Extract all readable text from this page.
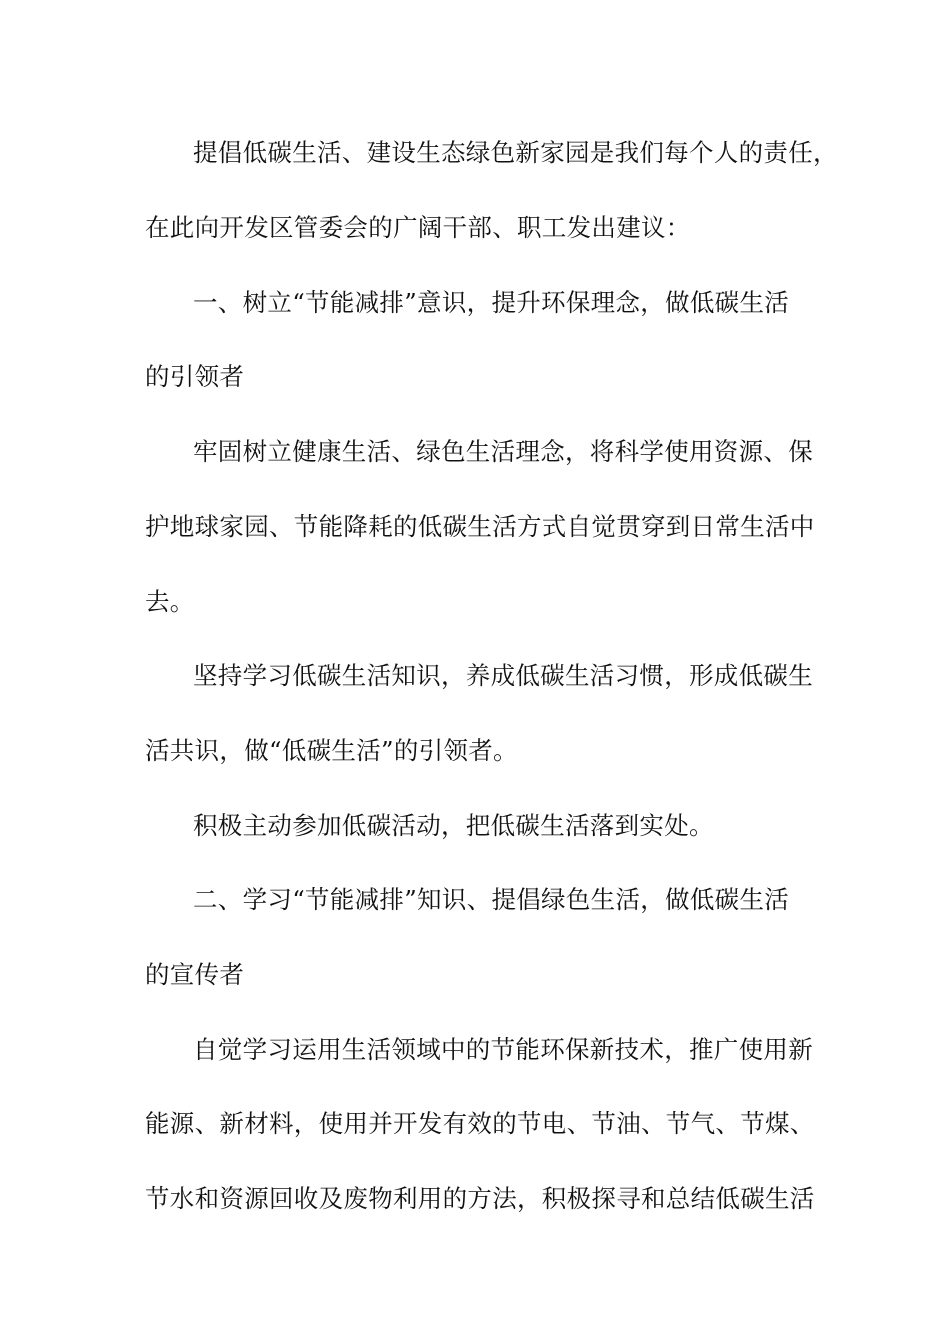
提倡低碳生活、建设生态绿色新家园是我们每个人的责任，
在此向开发区管委会的广阔干部、职工发出建议：
一、树立“节能减排”意识，提升环保理念，做低碳生活
的引领者
牢固树立健康生活、绿色生活理念，将科学使用资源、保
护地球家园、节能降耗的低碳生活方式自觉贯穿到日常生活中
去。
坚持学习低碳生活知识，养成低碳生活习惯，形成低碳生
活共识，做“低碳生活”的引领者。
积极主动参加低碳活动，把低碳生活落到实处。
二、学习“节能减排”知识、提倡绿色生活，做低碳生活
的宣传者
自觉学习运用生活领域中的节能环保新技术，推广使用新
能源、新材料，使用并开发有效的节电、节油、节气、节煤、
节水和资源回收及废物利用的方法，积极探寻和总结低碳生活
